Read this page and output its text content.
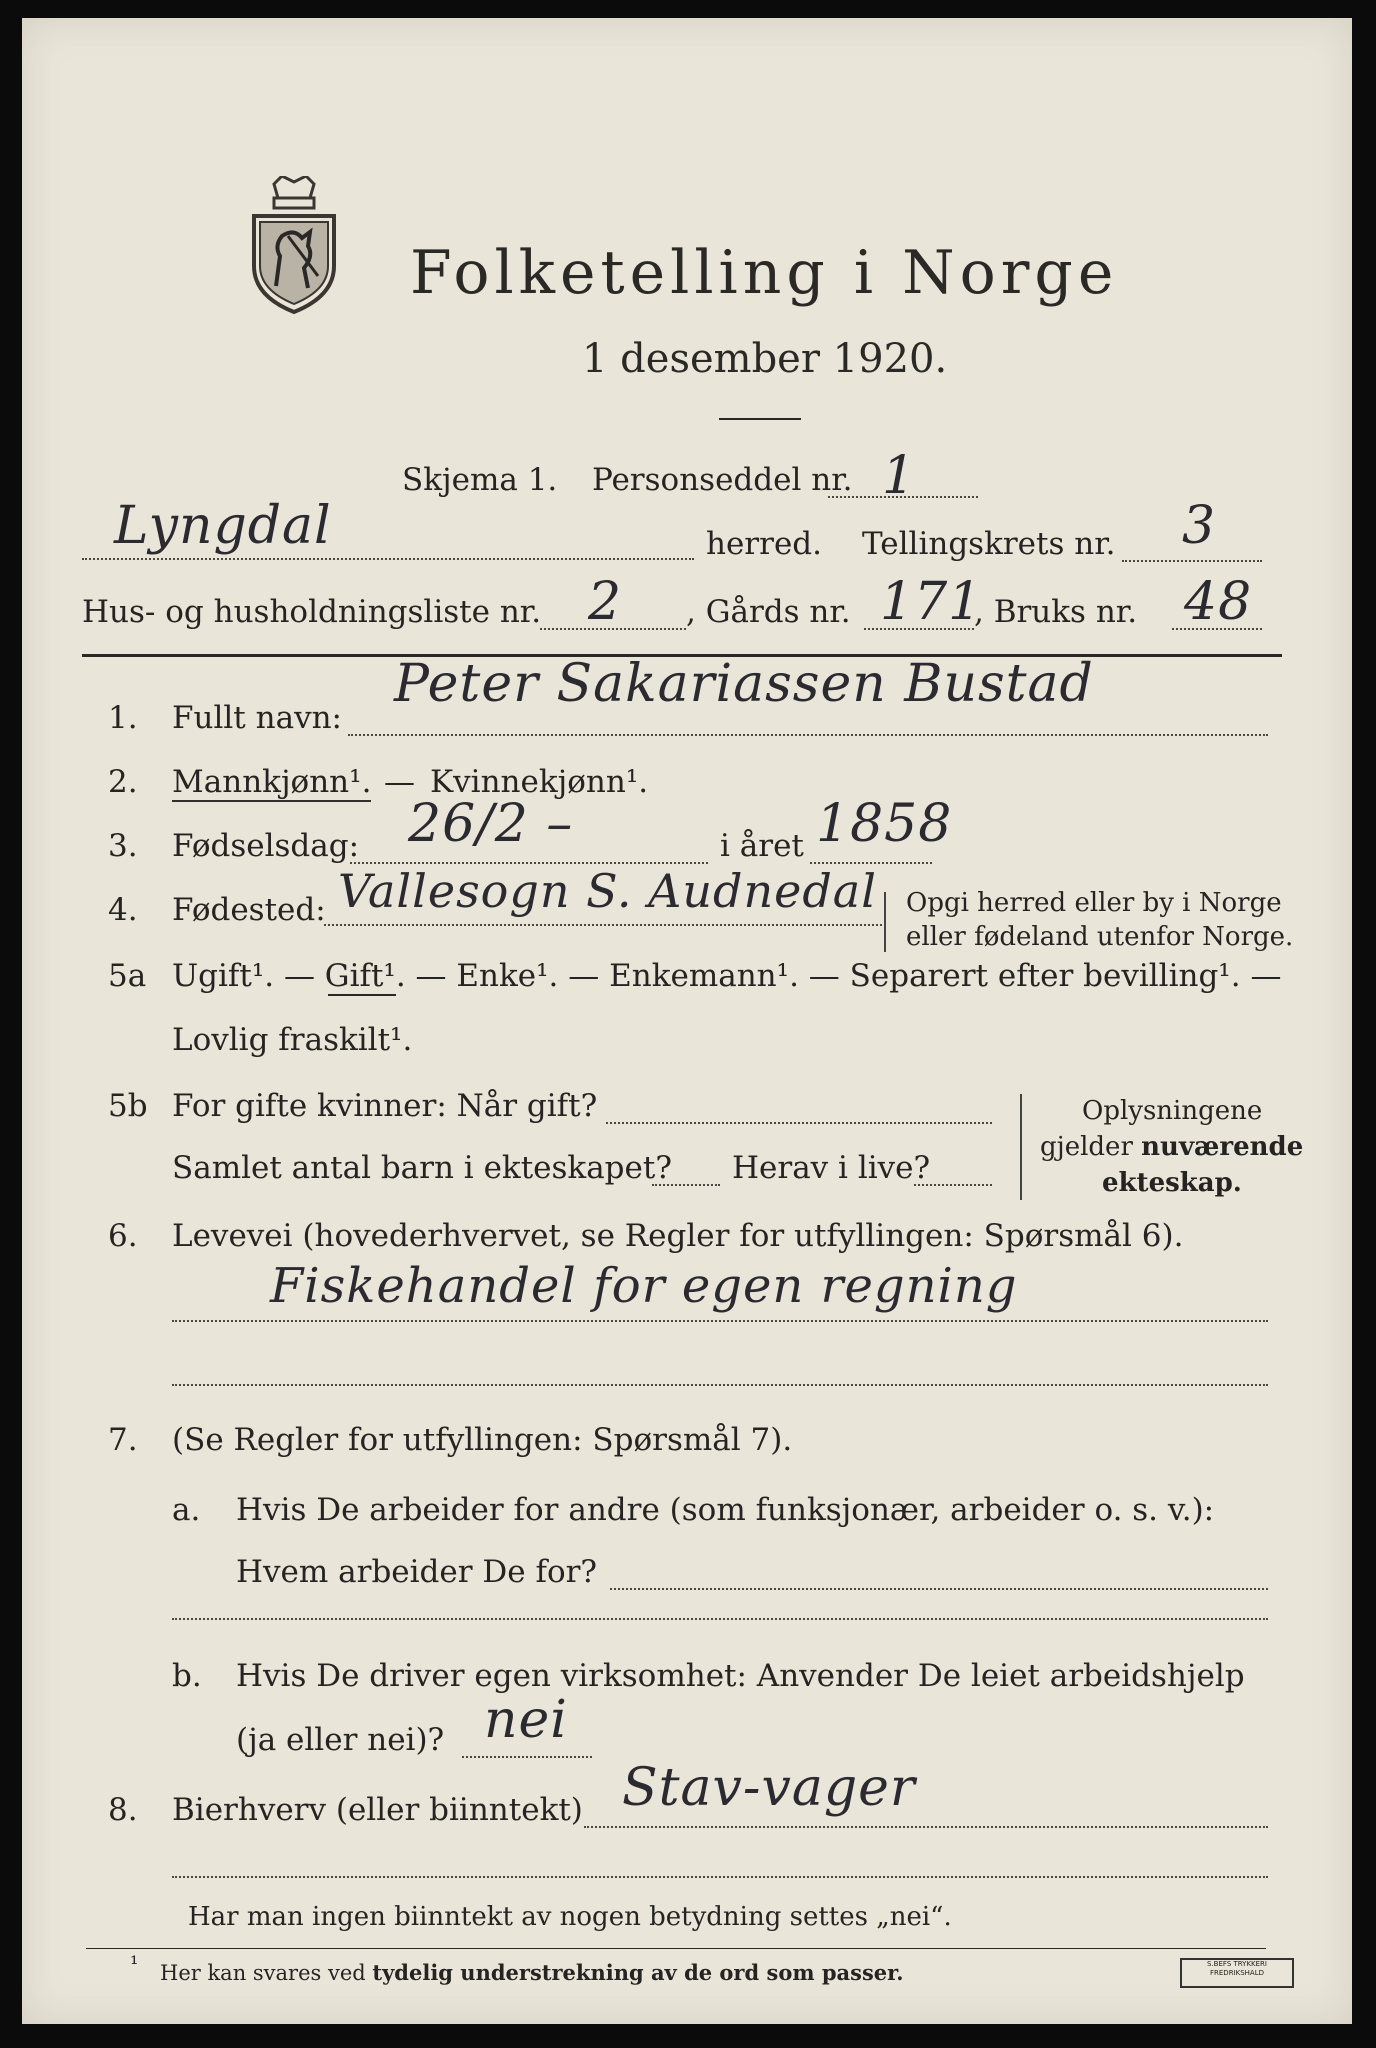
Folketelling i Norge
1 desember 1920.
Skjema 1. Personseddel nr. 1
Lyngdal	herred. Tellingskrets nr. 3
Hus- og husholdningsliste nr. 2 , Gårds nr. 171
, Bruks nr. 48
1. Fullt navn:
Peter Sakariassen Bustad
2. Mannkjønn¹. — Kvinnekjønn¹.
3. Fødselsdag: 26/2 –	i året 1858
4. Fødested: Vallesogn S. Audnedal Opgi herred eller by i Norge
eller fødeland utenfor Norge.
5a Ugift¹. — Gift¹. — Enke¹. — Enkemann¹. — Separert efter bevilling¹. —
Lovlig fraskilt¹.
5b For gifte kvinner: Når gift?
Samlet antal barn i ekteskapet? Herav i live?
Oplysningene
gjelder nuværende
ekteskap.
6. Levevei (hovederhvervet, se Regler for utfyllingen: Spørsmål 6).
Fiskehandel for egen regning
7. (Se Regler for utfyllingen: Spørsmål 7).
a. Hvis De arbeider for andre (som funksjonær, arbeider o. s. v.):
Hvem arbeider De for?
b. Hvis De driver egen virksomhet: Anvender De leiet arbeidshjelp
(ja eller nei)? nei
8. Bierhverv (eller biinntekt) Stav-vager
Har man ingen biinntekt av nogen betydning settes „nei“.
¹ Her kan svares ved tydelig understrekning av de ord som passer.	S.BEFS TRYKKERI
FREDRIKSHALD
